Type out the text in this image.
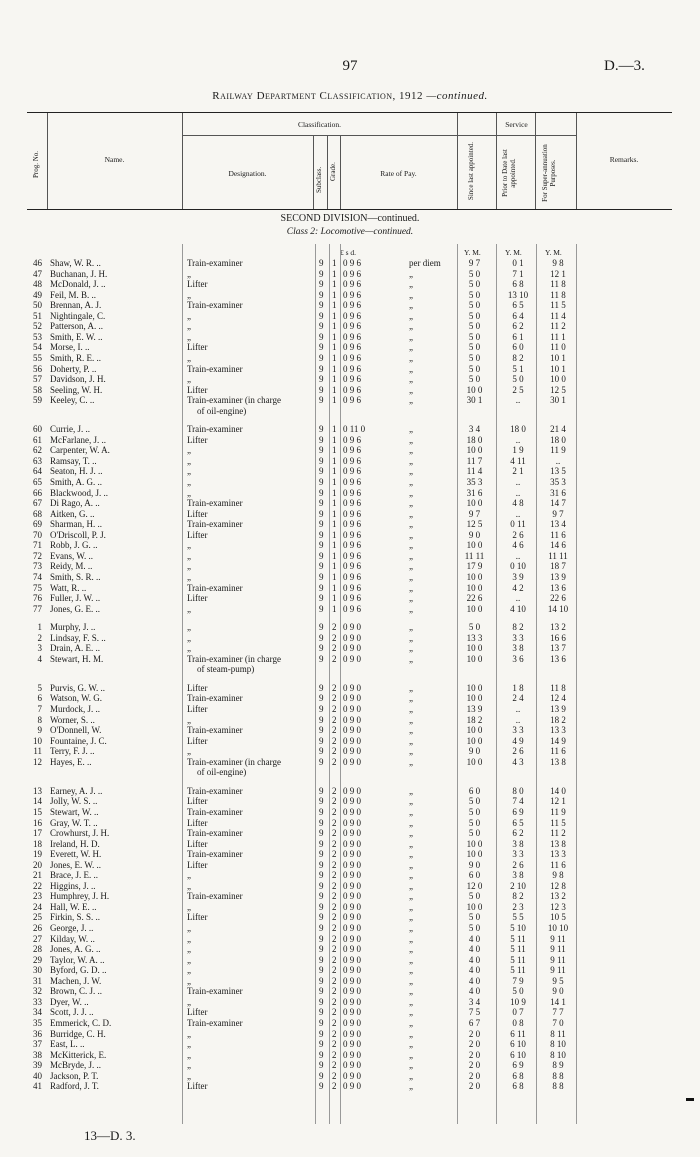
97	D.—3.
Railway Department Classification, 1912 —continued.
Prog. No.	Name.
Classification.
Designation.	Subclass. Grade.	Rate of Pay.
Service
Since last appointed.	Prior to Date last appointed.	For Super-annuation Purposes.	Remarks.
SECOND DIVISION—continued.
Class 2: Locomotive—continued.
£ s d.	Y. M.	Y. M.	Y. M.
46 Shaw, W. R. ..	Train-examiner	9 1 0 9 6	per diem	9 7	0 1	9 8
47 Buchanan, J. H.	„	9 1 0 9 6	„	5 0	7 1	12 1
48 McDonald, J. ..	Lifter	9 1 0 9 6	„	5 0	6 8	11 8
49 Feil, M. B. ..	„	9 1 0 9 6	„	5 0	13 10	11 8
50 Brennan, A. J.	Train-examiner	9 1 0 9 6	„	5 0	6 5	11 5
51 Nightingale, C.	„	9 1 0 9 6	„	5 0	6 4	11 4
52 Patterson, A. ..	„	9 1 0 9 6	„	5 0	6 2	11 2
53 Smith, E. W. ..	„	9 1 0 9 6	„	5 0	6 1	11 1
54 Morse, I. ..	Lifter	9 1 0 9 6	„	5 0	6 0	11 0
55 Smith, R. E. ..	„	9 1 0 9 6	„	5 0	8 2	10 1
56 Doherty, P. ..	Train-examiner	9 1 0 9 6	„	5 0	5 1	10 1
57 Davidson, J. H.	„	9 1 0 9 6	„	5 0	5 0	10 0
58 Seeling, W. H.	Lifter	9 1 0 9 6	„	10 0	2 5	12 5
59 Keeley, C. ..	Train-examiner (in charge	9 1 0 9 6	„	30 1	..	30 1
of oil-engine)
60 Currie, J. ..	Train-examiner	9 1 0 11 0	„	3 4	18 0	21 4
61 McFarlane, J. ..	Lifter	9 1 0 9 6	„	18 0	..	18 0
62 Carpenter, W. A.	„	9 1 0 9 6	„	10 0	1 9	11 9
63 Ramsay, T. ..	„	9 1 0 9 6	„	11 7	4 11	..
64 Seaton, H. J. ..	„	9 1 0 9 6	„	11 4	2 1	13 5
65 Smith, A. G. ..	„	9 1 0 9 6	„	35 3	..	35 3
66 Blackwood, J. ..	„	9 1 0 9 6	„	31 6	..	31 6
67 Di Rago, A. ..	Train-examiner	9 1 0 9 6	„	10 0	4 8	14 7
68 Aitken, G. ..	Lifter	9 1 0 9 6	„	9 7	..	9 7
69 Sharman, H. ..	Train-examiner	9 1 0 9 6	„	12 5	0 11	13 4
70 O'Driscoll, P. J.	Lifter	9 1 0 9 6	„	9 0	2 6	11 6
71 Robb, J. G. ..	„	9 1 0 9 6	„	10 0	4 6	14 6
72 Evans, W. ..	„	9 1 0 9 6	„	11 11	..	11 11
73 Reidy, M. ..	„	9 1 0 9 6	„	17 9	0 10	18 7
74 Smith, S. R. ..	„	9 1 0 9 6	„	10 0	3 9	13 9
75 Watt, R. ..	Train-examiner	9 1 0 9 6	„	10 0	4 2	13 6
76 Fuller, J. W. ..	Lifter	9 1 0 9 6	„	22 6	..	22 6
77 Jones, G. E. ..	„	9 1 0 9 6	„	10 0	4 10	14 10
1 Murphy, J. ..	„	9 2 0 9 0	„	5 0	8 2	13 2
2 Lindsay, F. S. ..	„	9 2 0 9 0	„	13 3	3 3	16 6
3 Drain, A. E. ..	„	9 2 0 9 0	„	10 0	3 8	13 7
4 Stewart, H. M.	Train-examiner (in charge	9 2 0 9 0	„	10 0	3 6	13 6
of steam-pump)
5 Purvis, G. W. ..	Lifter	9 2 0 9 0	„	10 0	1 8	11 8
6 Watson, W. G.	Train-examiner	9 2 0 9 0	„	10 0	2 4	12 4
7 Murdock, J. ..	Lifter	9 2 0 9 0	„	13 9	..	13 9
8 Worner, S. ..	„	9 2 0 9 0	„	18 2	..	18 2
9 O'Donnell, W.	Train-examiner	9 2 0 9 0	„	10 0	3 3	13 3
10 Fountaine, J. C.	Lifter	9 2 0 9 0	„	10 0	4 9	14 9
11 Terry, F. J. ..	„	9 2 0 9 0	„	9 0	2 6	11 6
12 Hayes, E. ..	Train-examiner (in charge	9 2 0 9 0	„	10 0	4 3	13 8
of oil-engine)
13 Earney, A. J. ..	Train-examiner	9 2 0 9 0	„	6 0	8 0	14 0
14 Jolly, W. S. ..	Lifter	9 2 0 9 0	„	5 0	7 4	12 1
15 Stewart, W. ..	Train-examiner	9 2 0 9 0	„	5 0	6 9	11 9
16 Gray, W. T. ..	Lifter	9 2 0 9 0	„	5 0	6 5	11 5
17 Crowhurst, J. H.	Train-examiner	9 2 0 9 0	„	5 0	6 2	11 2
18 Ireland, H. D.	Lifter	9 2 0 9 0	„	10 0	3 8	13 8
19 Everett, W. H.	Train-examiner	9 2 0 9 0	„	10 0	3 3	13 3
20 Jones, E. W. ..	Lifter	9 2 0 9 0	„	9 0	2 6	11 6
21 Brace, J. E. ..	„	9 2 0 9 0	„	6 0	3 8	9 8
22 Higgins, J. ..	„	9 2 0 9 0	„	12 0	2 10	12 8
23 Humphrey, J. H.	Train-examiner	9 2 0 9 0	„	5 0	8 2	13 2
24 Hall, W. E. ..	„	9 2 0 9 0	„	10 0	2 3	12 3
25 Firkin, S. S. ..	Lifter	9 2 0 9 0	„	5 0	5 5	10 5
26 George, J. ..	„	9 2 0 9 0	„	5 0	5 10	10 10
27 Kilday, W. ..	„	9 2 0 9 0	„	4 0	5 11	9 11
28 Jones, A. G. ..	„	9 2 0 9 0	„	4 0	5 11	9 11
29 Taylor, W. A. ..	„	9 2 0 9 0	„	4 0	5 11	9 11
30 Byford, G. D. ..	„	9 2 0 9 0	„	4 0	5 11	9 11
31 Machen, J. W.	„	9 2 0 9 0	„	4 0	7 9	9 5
32 Brown, C. J. ..	Train-examiner	9 2 0 9 0	„	4 0	5 0	9 0
33 Dyer, W. ..	„	9 2 0 9 0	„	3 4	10 9	14 1
34 Scott, J. J. ..	Lifter	9 2 0 9 0	„	7 5	0 7	7 7
35 Emmerick, C. D.	Train-examiner	9 2 0 9 0	„	6 7	0 8	7 0
36 Burridge, C. H.	„	9 2 0 9 0	„	2 0	6 11	8 11
37 East, L. ..	„	9 2 0 9 0	„	2 0	6 10	8 10
38 McKitterick, E.	„	9 2 0 9 0	„	2 0	6 10	8 10
39 McBryde, J. ..	„	9 2 0 9 0	„	2 0	6 9	8 9
40 Jackson, P. T.	„	9 2 0 9 0	„	2 0	6 8	8 8
41 Radford, J. T.	Lifter	9 2 0 9 0	„	2 0	6 8	8 8
13—D. 3.
